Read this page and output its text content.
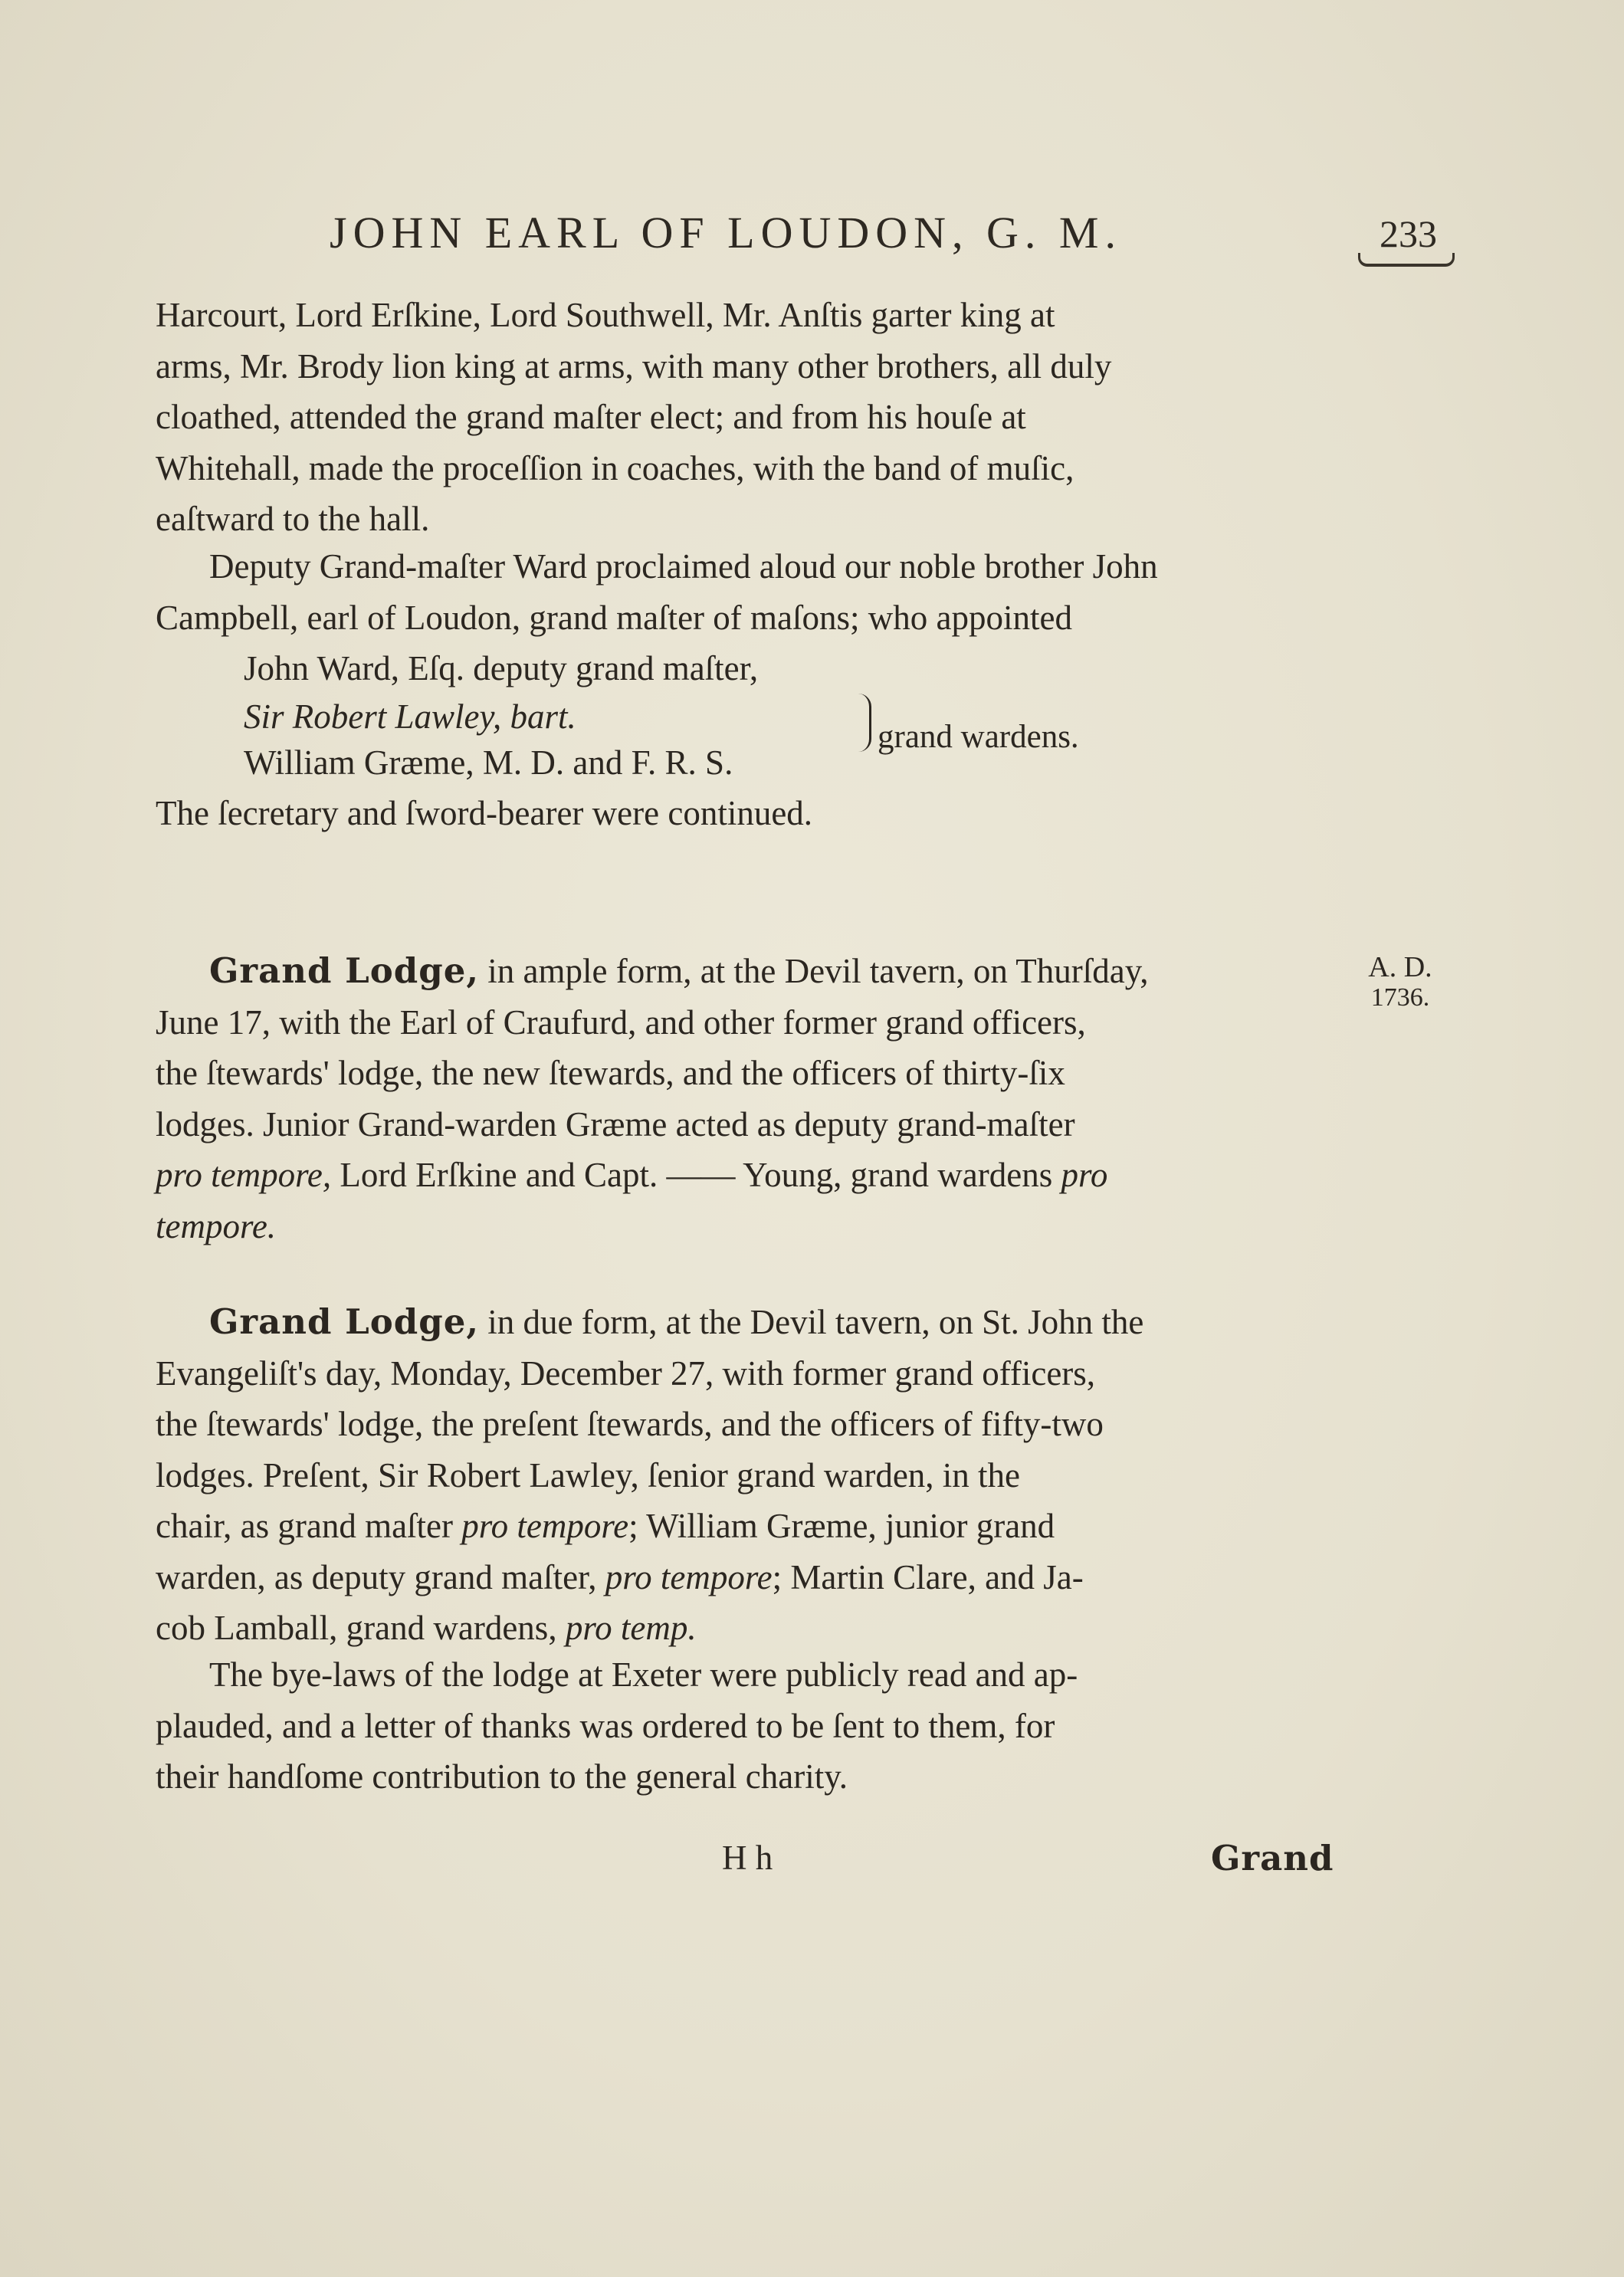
JOHN EARL OF LOUDON, G. M.	233

Harcourt, Lord Erſkine, Lord Southwell, Mr. Anſtis garter king at

arms, Mr. Brody lion king at arms, with many other brothers, all duly

cloathed, attended the grand maſter elect; and from his houſe at

Whitehall, made the proceſſion in coaches, with the band of muſic,

eaſtward to the hall.

Deputy Grand-maſter Ward proclaimed aloud our noble brother John

Campbell, earl of Loudon, grand maſter of maſons; who appointed

John Ward, Eſq. deputy grand maſter,
Sir Robert Lawley, bart.
William Græme, M. D. and F. R. S.
grand wardens.

The ſecretary and ſword-bearer were continued.

Grand Lodge, in ample form, at the Devil tavern, on Thurſday,

June 17, with the Earl of Craufurd, and other former grand officers,

the ſtewards' lodge, the new ſtewards, and the officers of thirty-ſix

lodges. Junior Grand-warden Græme acted as deputy grand-maſter

pro tempore, Lord Erſkine and Capt. —— Young, grand wardens pro

tempore.

A. D.
1736.

Grand Lodge, in due form, at the Devil tavern, on St. John the

Evangeliſt's day, Monday, December 27, with former grand officers,

the ſtewards' lodge, the preſent ſtewards, and the officers of fifty-two

lodges. Preſent, Sir Robert Lawley, ſenior grand warden, in the

chair, as grand maſter pro tempore; William Græme, junior grand

warden, as deputy grand maſter, pro tempore; Martin Clare, and Ja-

cob Lamball, grand wardens, pro temp.

The bye-laws of the lodge at Exeter were publicly read and ap-

plauded, and a letter of thanks was ordered to be ſent to them, for

their handſome contribution to the general charity.

H h	Grand
